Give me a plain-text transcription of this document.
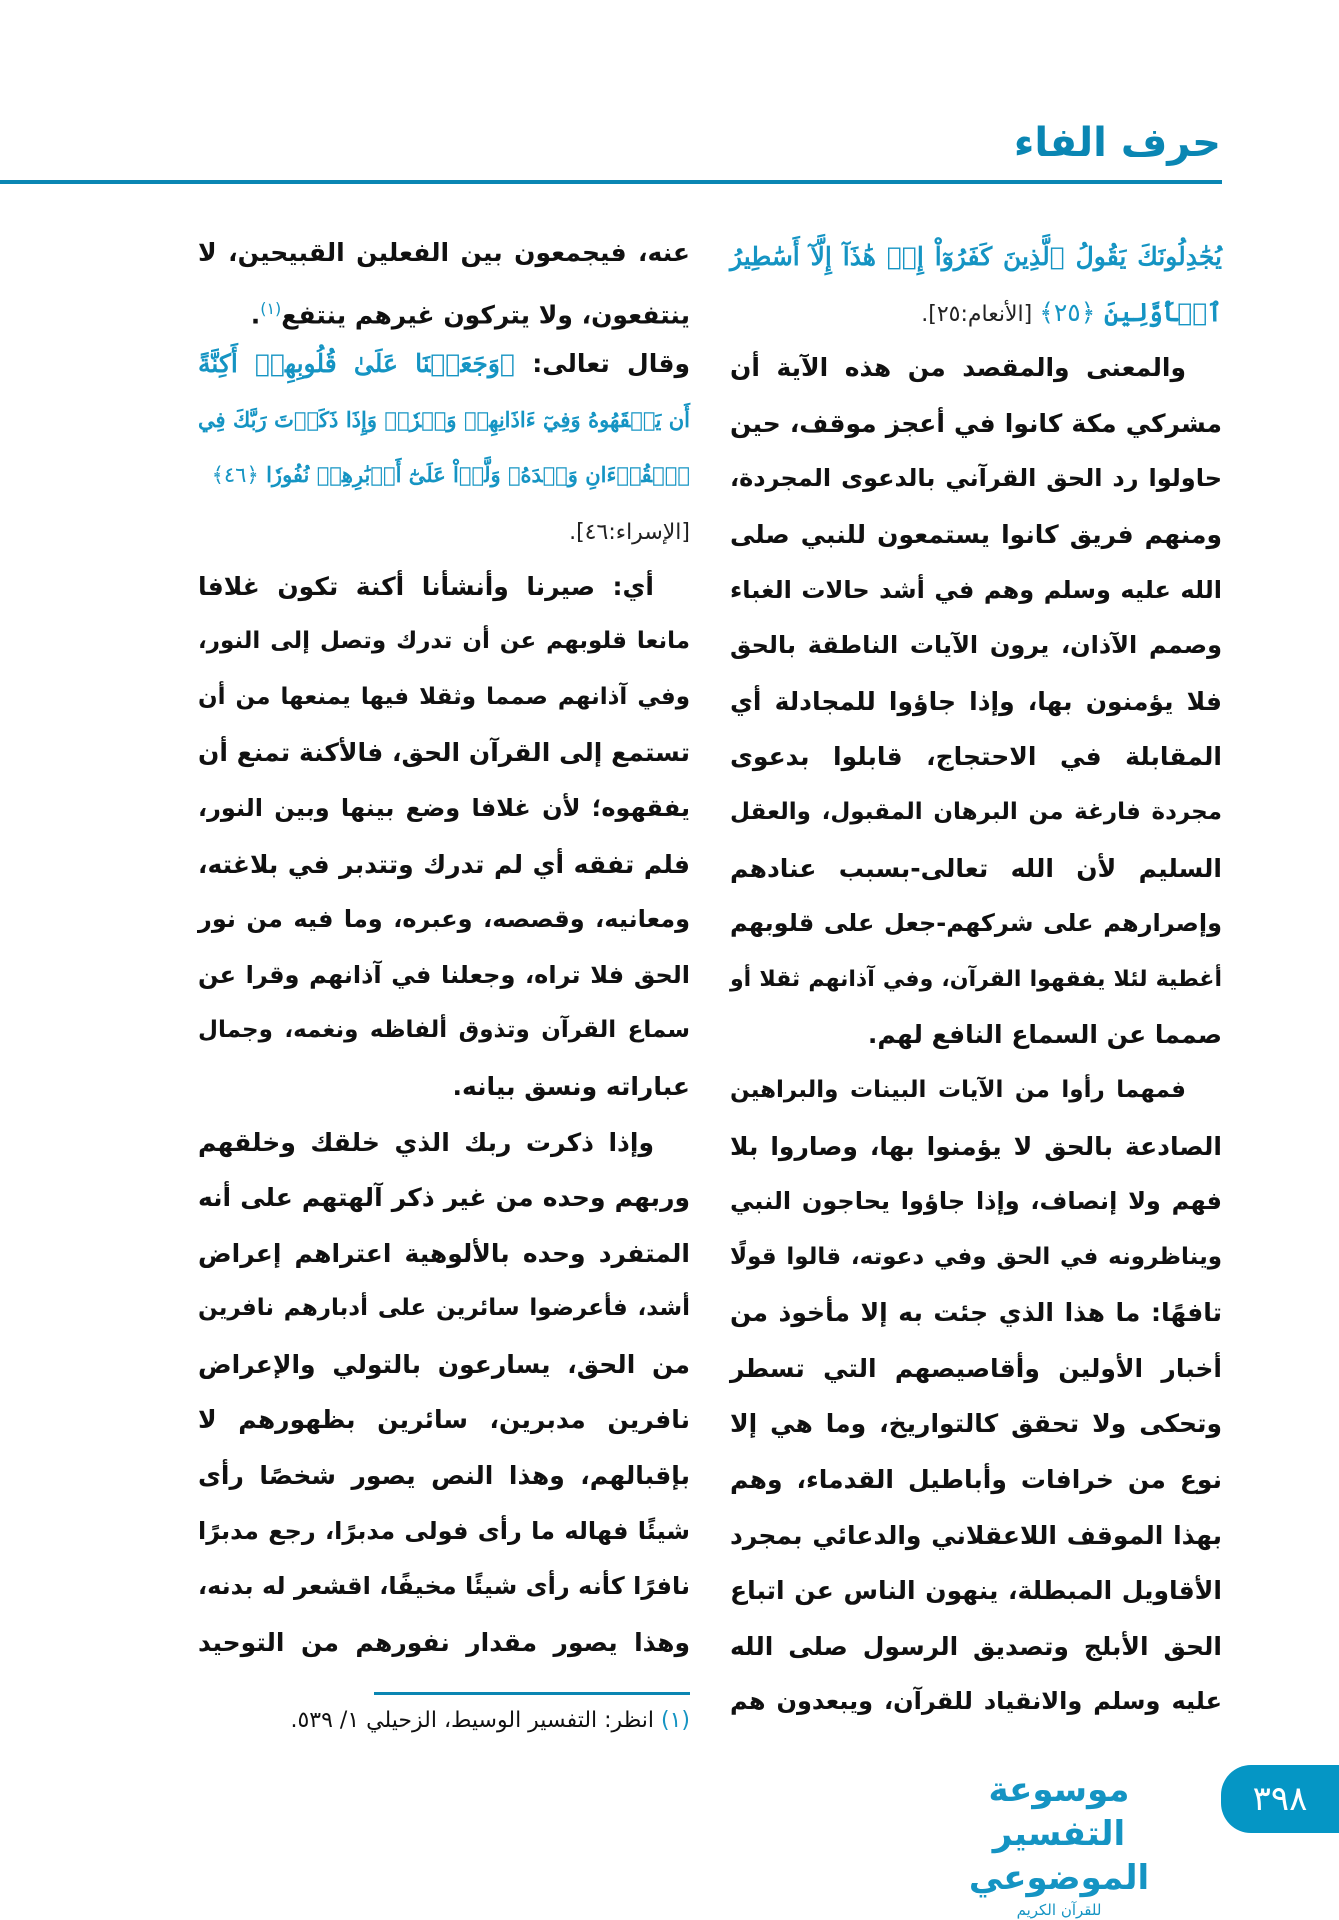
حرف الفاء
يُجَٰدِلُونَكَ يَقُولُ ٱلَّذِينَ كَفَرُوٓاْ إِنۡ هَٰذَآ إِلَّآ أَسَٰطِيرُ
ٱلۡأَوَّلِينَ ﴿٢٥﴾ [الأنعام:٢٥].
والمعنى والمقصد من هذه الآية أن
مشركي مكة كانوا في أعجز موقف، حين
حاولوا رد الحق القرآني بالدعوى المجردة،
ومنهم فريق كانوا يستمعون للنبي صلى
الله عليه وسلم وهم في أشد حالات الغباء
وصمم الآذان، يرون الآيات الناطقة بالحق
فلا يؤمنون بها، وإذا جاؤوا للمجادلة أي
المقابلة في الاحتجاج، قابلوا بدعوى
مجردة فارغة من البرهان المقبول، والعقل
السليم لأن الله تعالى-بسبب عنادهم
وإصرارهم على شركهم-جعل على قلوبهم
أغطية لئلا يفقهوا القرآن، وفي آذانهم ثقلا أو
صمما عن السماع النافع لهم.
فمهما رأوا من الآيات البينات والبراهين
الصادعة بالحق لا يؤمنوا بها، وصاروا بلا
فهم ولا إنصاف، وإذا جاؤوا يحاجون النبي
ويناظرونه في الحق وفي دعوته، قالوا قولًا
تافهًا: ما هذا الذي جئت به إلا مأخوذ من
أخبار الأولين وأقاصيصهم التي تسطر
وتحكى ولا تحقق كالتواريخ، وما هي إلا
نوع من خرافات وأباطيل القدماء، وهم
بهذا الموقف اللاعقلاني والدعائي بمجرد
الأقاويل المبطلة، ينهون الناس عن اتباع
الحق الأبلج وتصديق الرسول صلى الله
عليه وسلم والانقياد للقرآن، ويبعدون هم
عنه، فيجمعون بين الفعلين القبيحين، لا
ينتفعون، ولا يتركون غيرهم ينتفع$^{(١)}$.
وقال تعالى: ﴿وَجَعَلۡنَا عَلَىٰ قُلُوبِهِمۡ أَكِنَّةً
أَن يَفۡقَهُوهُ وَفِيٓ ءَاذَانِهِمۡ وَقۡرٗاۚ وَإِذَا ذَكَرۡتَ رَبَّكَ فِي
ٱلۡقُرۡءَانِ وَحۡدَهُۥ وَلَّوۡاْ عَلَىٰٓ أَدۡبَٰرِهِمۡ نُفُورٗا ﴿٤٦﴾
[الإسراء:٤٦].
أي: صيرنا وأنشأنا أكنة تكون غلافا
مانعا قلوبهم عن أن تدرك وتصل إلى النور،
وفي آذانهم صمما وثقلا فيها يمنعها من أن
تستمع إلى القرآن الحق، فالأكنة تمنع أن
يفقهوه؛ لأن غلافا وضع بينها وبين النور،
فلم تفقه أي لم تدرك وتتدبر في بلاغته،
ومعانيه، وقصصه، وعبره، وما فيه من نور
الحق فلا تراه، وجعلنا في آذانهم وقرا عن
سماع القرآن وتذوق ألفاظه ونغمه، وجمال
عباراته ونسق بيانه.
وإذا ذكرت ربك الذي خلقك وخلقهم
وربهم وحده من غير ذكر آلهتهم على أنه
المتفرد وحده بالألوهية اعتراهم إعراض
أشد، فأعرضوا سائرين على أدبارهم نافرين
من الحق، يسارعون بالتولي والإعراض
نافرين مدبرين، سائرين بظهورهم لا
بإقبالهم، وهذا النص يصور شخصًا رأى
شيئًا فهاله ما رأى فولى مدبرًا، رجع مدبرًا
نافرًا كأنه رأى شيئًا مخيفًا، اقشعر له بدنه،
وهذا يصور مقدار نفورهم من التوحيد
(١) انظر: التفسير الوسيط، الزحيلي ١/ ٥٣٩.
موسوعة التفسير الموضوعي
للقرآن الكريم
٣٩٨
